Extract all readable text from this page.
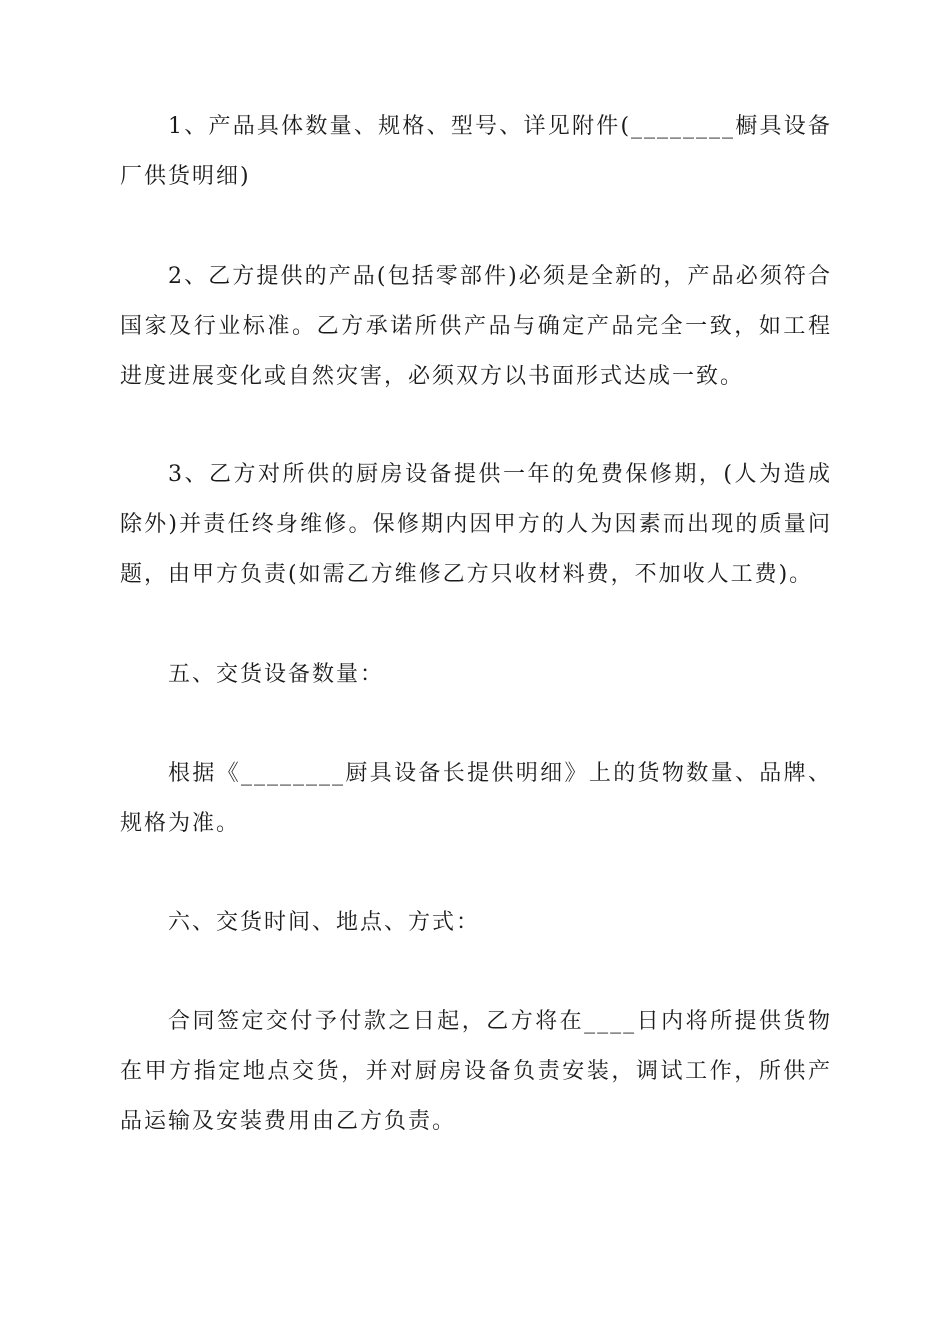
1、产品具体数量、规格、型号、详见附件(________橱具设备厂供货明细)

2、乙方提供的产品(包括零部件)必须是全新的，产品必须符合国家及行业标准。乙方承诺所供产品与确定产品完全一致，如工程进度进展变化或自然灾害，必须双方以书面形式达成一致。

3、乙方对所供的厨房设备提供一年的免费保修期，(人为造成除外)并责任终身维修。保修期内因甲方的人为因素而出现的质量问题，由甲方负责(如需乙方维修乙方只收材料费，不加收人工费)。

五、交货设备数量：

根据《________厨具设备长提供明细》上的货物数量、品牌、规格为准。

六、交货时间、地点、方式：

合同签定交付予付款之日起，乙方将在____日内将所提供货物在甲方指定地点交货，并对厨房设备负责安装，调试工作，所供产品运输及安装费用由乙方负责。
